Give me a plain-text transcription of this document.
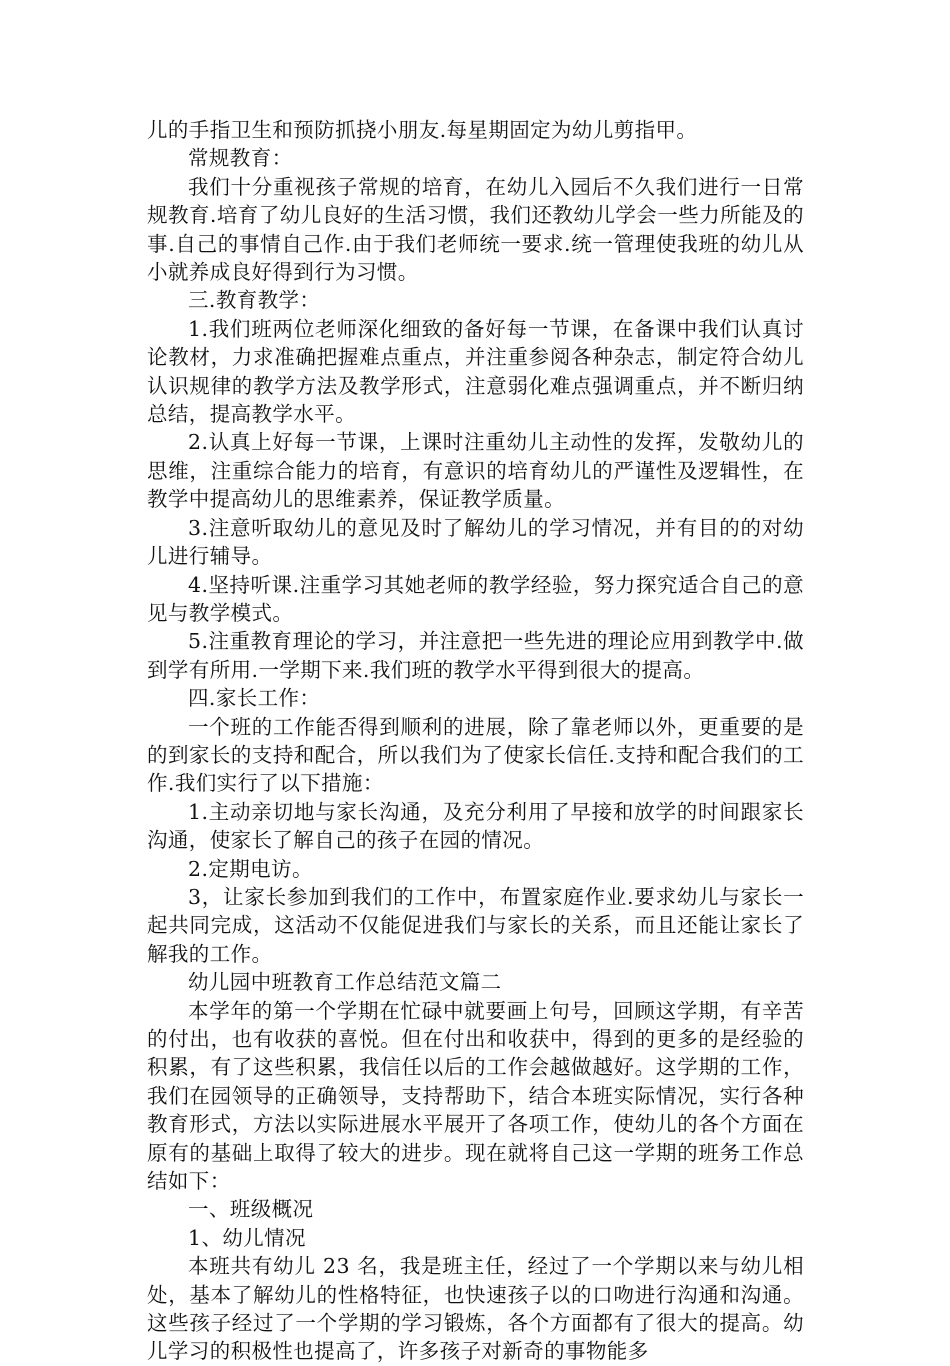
儿的手指卫生和预防抓挠小朋友.每星期固定为幼儿剪指甲。

常规教育：

我们十分重视孩子常规的培育，在幼儿入园后不久我们进行一日常规教育.培育了幼儿良好的生活习惯，我们还教幼儿学会一些力所能及的事.自己的事情自己作.由于我们老师统一要求.统一管理使我班的幼儿从小就养成良好得到行为习惯。

三.教育教学：

1.我们班两位老师深化细致的备好每一节课，在备课中我们认真讨论教材，力求准确把握难点重点，并注重参阅各种杂志，制定符合幼儿认识规律的教学方法及教学形式，注意弱化难点强调重点，并不断归纳总结，提高教学水平。

2.认真上好每一节课，上课时注重幼儿主动性的发挥，发敬幼儿的思维，注重综合能力的培育，有意识的培育幼儿的严谨性及逻辑性，在教学中提高幼儿的思维素养，保证教学质量。

3.注意听取幼儿的意见及时了解幼儿的学习情况，并有目的的对幼儿进行辅导。

4.坚持听课.注重学习其她老师的教学经验，努力探究适合自己的意见与教学模式。

5.注重教育理论的学习，并注意把一些先进的理论应用到教学中.做到学有所用.一学期下来.我们班的教学水平得到很大的提高。

四.家长工作：

一个班的工作能否得到顺利的进展，除了靠老师以外，更重要的是的到家长的支持和配合，所以我们为了使家长信任.支持和配合我们的工作.我们实行了以下措施：

1.主动亲切地与家长沟通，及充分利用了早接和放学的时间跟家长沟通，使家长了解自己的孩子在园的情况。

2.定期电访。

3，让家长参加到我们的工作中，布置家庭作业.要求幼儿与家长一起共同完成，这活动不仅能促进我们与家长的关系，而且还能让家长了解我的工作。

幼儿园中班教育工作总结范文篇二

本学年的第一个学期在忙碌中就要画上句号，回顾这学期，有辛苦的付出，也有收获的喜悦。但在付出和收获中，得到的更多的是经验的积累，有了这些积累，我信任以后的工作会越做越好。这学期的工作，我们在园领导的正确领导，支持帮助下，结合本班实际情况，实行各种教育形式，方法以实际进展水平展开了各项工作，使幼儿的各个方面在原有的基础上取得了较大的进步。现在就将自己这一学期的班务工作总结如下：

一、班级概况

1、幼儿情况

本班共有幼儿 23 名，我是班主任，经过了一个学期以来与幼儿相处，基本了解幼儿的性格特征，也快速孩子以的口吻进行沟通和沟通。这些孩子经过了一个学期的学习锻炼，各个方面都有了很大的提高。幼儿学习的积极性也提高了，许多孩子对新奇的事物能多
